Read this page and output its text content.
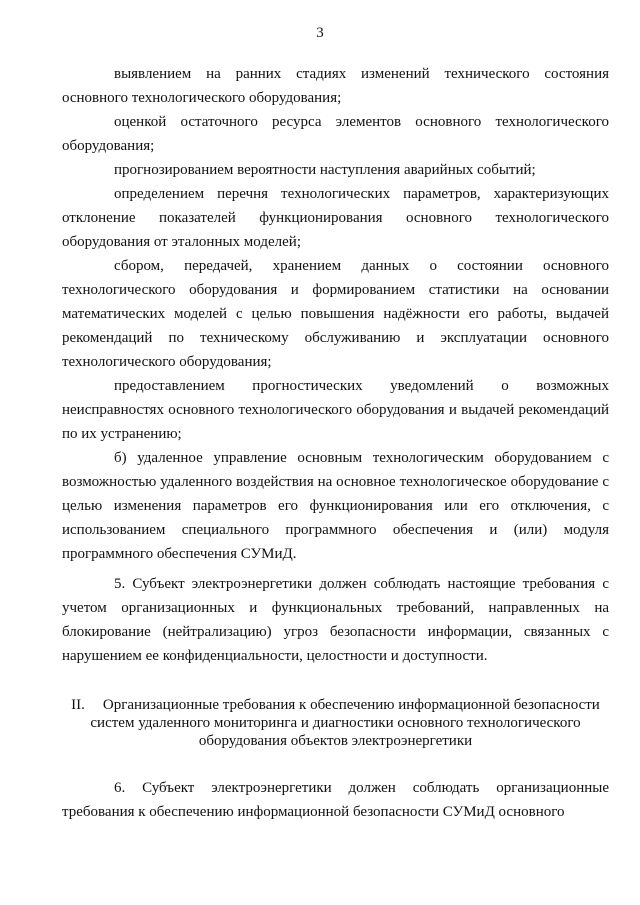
3

выявлением на ранних стадиях изменений технического состояния основного технологического оборудования;

оценкой остаточного ресурса элементов основного технологического оборудования;

прогнозированием вероятности наступления аварийных событий;

определением перечня технологических параметров, характеризующих отклонение показателей функционирования основного технологического оборудования от эталонных моделей;

сбором, передачей, хранением данных о состоянии основного технологического оборудования и формированием статистики на основании математических моделей с целью повышения надёжности его работы, выдачей рекомендаций по техническому обслуживанию и эксплуатации основного технологического оборудования;

предоставлением прогностических уведомлений о возможных неисправностях основного технологического оборудования и выдачей рекомендаций по их устранению;

б) удаленное управление основным технологическим оборудованием с возможностью удаленного воздействия на основное технологическое оборудование с целью изменения параметров его функционирования или его отключения, с использованием специального программного обеспечения и (или) модуля программного обеспечения СУМиД.

5. Субъект электроэнергетики должен соблюдать настоящие требования с учетом организационных и функциональных требований, направленных на блокирование (нейтрализацию) угроз безопасности информации, связанных с нарушением ее конфиденциальности, целостности и доступности.

II. Организационные требования к обеспечению информационной безопасности
систем удаленного мониторинга и диагностики основного технологического
оборудования объектов электроэнергетики

6. Субъект электроэнергетики должен соблюдать организационные требования к обеспечению информационной безопасности СУМиД основного
